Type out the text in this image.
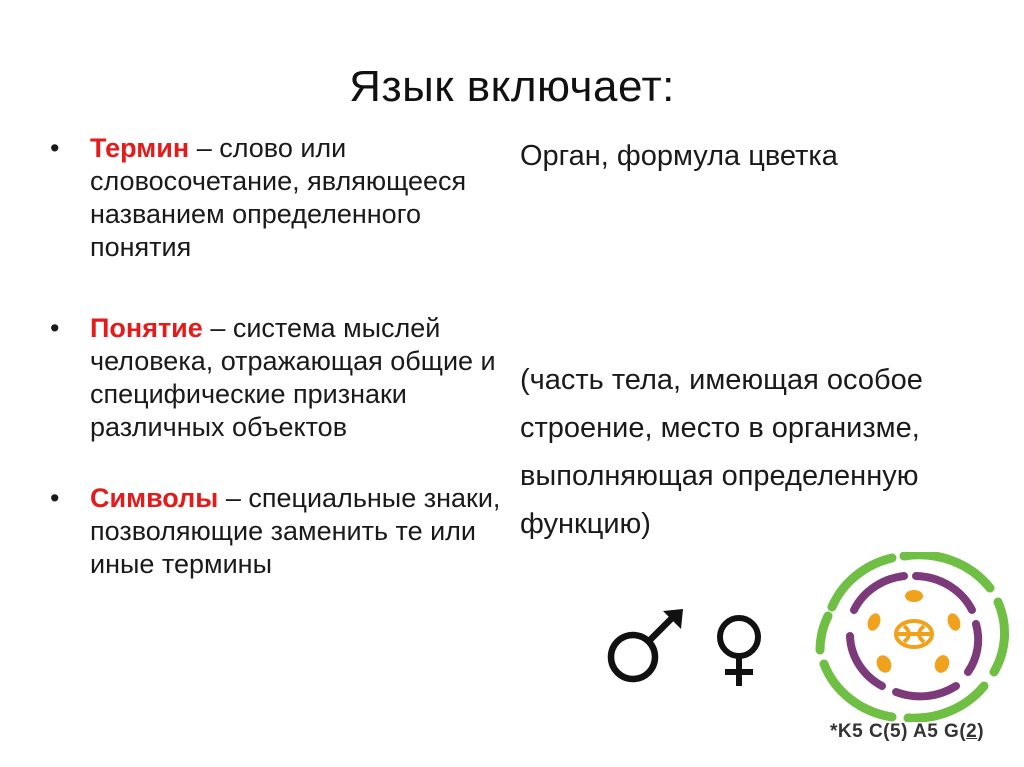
Язык включает:
• Термин – слово или словосочетание, являющееся названием определенного понятия
• Понятие – система мыслей человека, отражающая общие и специфические признаки различных объектов
• Символы – специальные знаки, позволяющие заменить те или иные термины
Орган, формула цветка
(часть тела, имеющая особое строение, место в организме, выполняющая определенную функцию)
*K5 C(5) A5 G(2)
